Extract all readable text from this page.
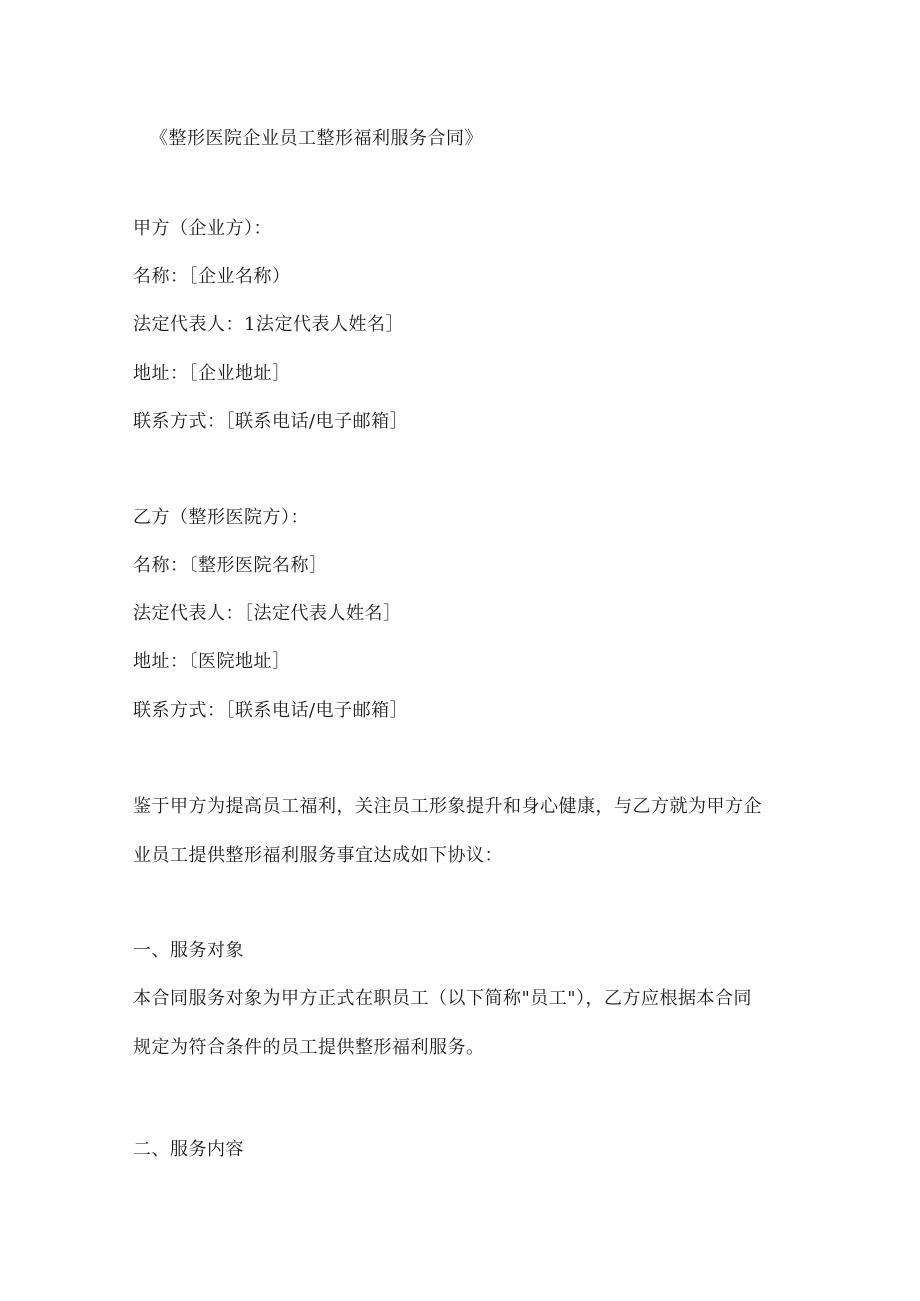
《整形医院企业员工整形福利服务合同》
甲方（企业方）：
名称：［企业名称）
法定代表人：1法定代表人姓名］
地址：［企业地址］
联系方式：［联系电话/电子邮箱］
乙方（整形医院方）：
名称：〔整形医院名称］
法定代表人：［法定代表人姓名］
地址：〔医院地址］
联系方式：［联系电话/电子邮箱］
鉴于甲方为提高员工福利，关注员工形象提升和身心健康，与乙方就为甲方企
业员工提供整形福利服务事宜达成如下协议：
一、服务对象
本合同服务对象为甲方正式在职员工（以下简称"员工"），乙方应根据本合同
规定为符合条件的员工提供整形福利服务。
二、服务内容
